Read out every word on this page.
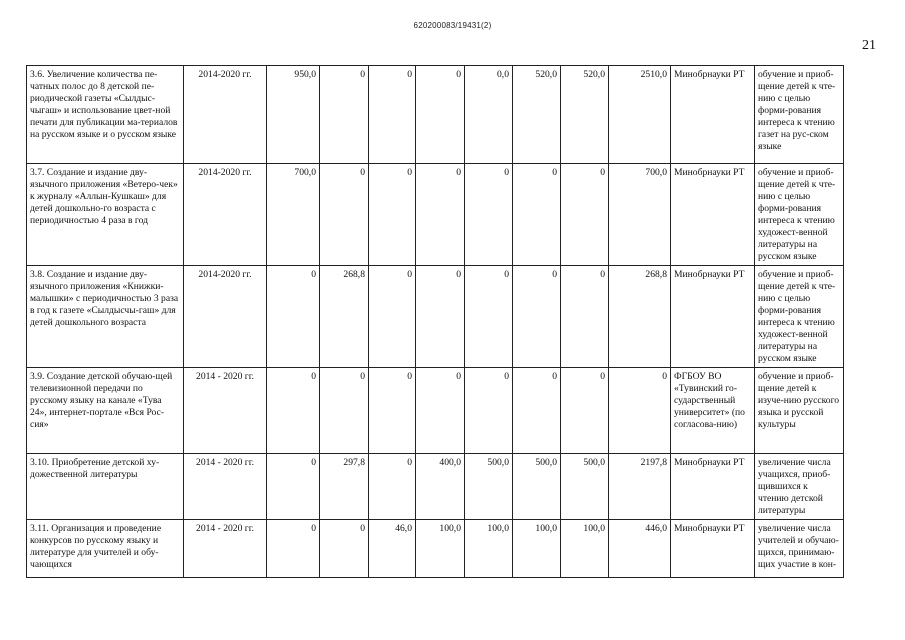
620200083/19431(2)
21
3.6. Увеличение количества пе-чатных полос до 8 детской пе-риодической газеты «Сылдыс-чыгаш» и использование цвет-ной печати для публикации ма-териалов на русском языке и о русском языке	2014-2020 гг.	950,0	0	0	0	0,0	520,0	520,0	2510,0	Минобрнауки РТ	обучение и приоб-щение детей к чте-нию с целью форми-рования интереса к чтению газет на рус-ском языке
3.7. Создание и издание дву-язычного приложения «Ветеро-чек» к журналу «Аллын-Кушкаш» для детей дошкольно-го возраста с периодичностью 4 раза в год	2014-2020 гг.	700,0	0	0	0	0	0	0	700,0	Минобрнауки РТ	обучение и приоб-щение детей к чте-нию с целью форми-рования интереса к чтению художест-венной литературы на русском языке
3.8. Создание и издание дву-язычного приложения «Книжки-малышки» с периодичностью 3 раза в год к газете «Сылдысчы-гаш» для детей дошкольного возраста	2014-2020 гг.	0	268,8	0	0	0	0	0	268,8	Минобрнауки РТ	обучение и приоб-щение детей к чте-нию с целью форми-рования интереса к чтению художест-венной литературы на русском языке
3.9. Создание детской обучаю-щей телевизионной передачи по русскому языку на канале «Тува 24», интернет-портале «Вся Рос-сия»	2014 - 2020 гг.	0	0	0	0	0	0	0	0	ФГБОУ ВО «Тувинский го-сударственный университет» (по согласова-нию)	обучение и приоб-щение детей к изуче-нию русского языка и русской культуры
3.10. Приобретение детской ху-дожественной литературы	2014 - 2020 гг.	0	297,8	0	400,0	500,0	500,0	500,0	2197,8	Минобрнауки РТ	увеличение числа учащихся, приоб-щившихся к чтению детской литературы
3.11. Организация и проведение конкурсов по русскому языку и литературе для учителей и обу-чающихся	2014 - 2020 гг.	0	0	46,0	100,0	100,0	100,0	100,0	446,0	Минобрнауки РТ	увеличение числа учителей и обучаю-щихся, принимаю-щих участие в кон-
